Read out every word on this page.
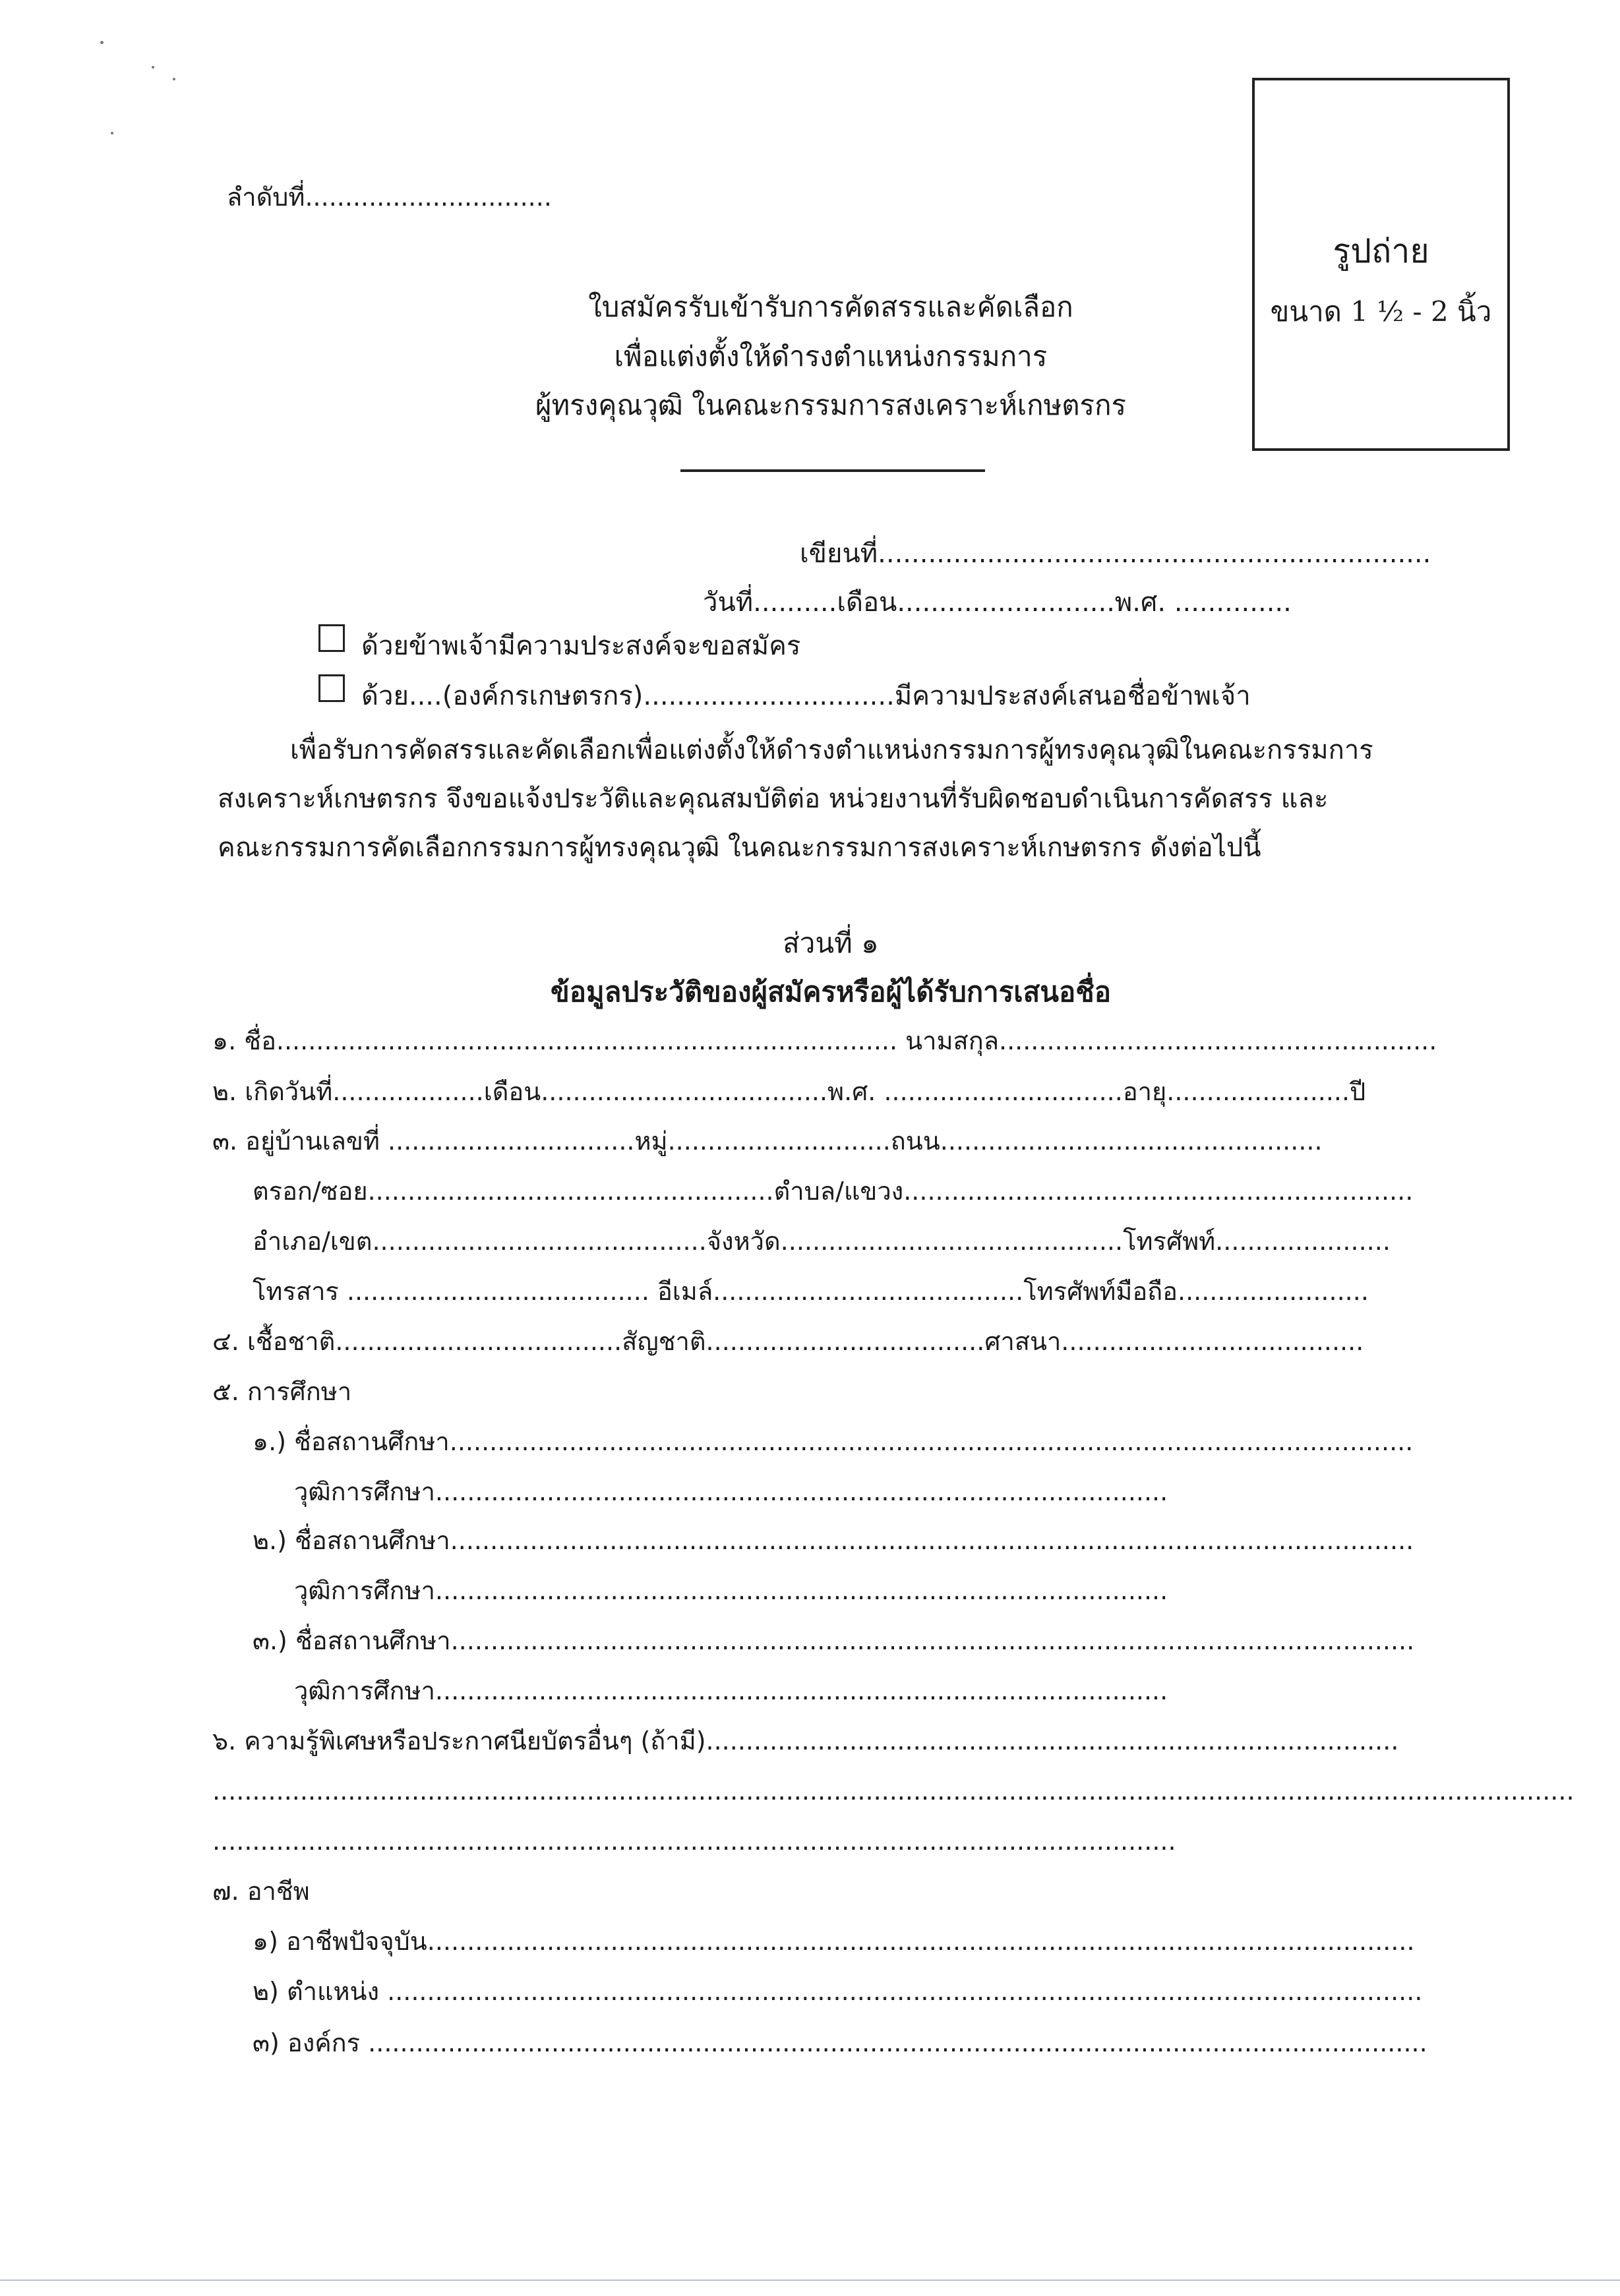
ลำดับที่...............................
รูปถ่าย
ขนาด 1 ½ - 2 นิ้ว
ใบสมัครรับเข้ารับการคัดสรรและคัดเลือก
เพื่อแต่งตั้งให้ดำรงตำแหน่งกรรมการ
ผู้ทรงคุณวุฒิ ในคณะกรรมการสงเคราะห์เกษตรกร
เขียนที่..................................................................
วันที่..........เดือน..........................พ.ศ. ..............
ด้วยข้าพเจ้ามีความประสงค์จะขอสมัคร
ด้วย....(องค์กรเกษตรกร)..............................มีความประสงค์เสนอชื่อข้าพเจ้า
เพื่อรับการคัดสรรและคัดเลือกเพื่อแต่งตั้งให้ดำรงตำแหน่งกรรมการผู้ทรงคุณวุฒิในคณะกรรมการ
สงเคราะห์เกษตรกร จึงขอแจ้งประวัติและคุณสมบัติต่อ หน่วยงานที่รับผิดชอบดำเนินการคัดสรร และ
คณะกรรมการคัดเลือกกรรมการผู้ทรงคุณวุฒิ ในคณะกรรมการสงเคราะห์เกษตรกร ดังต่อไปนี้
ส่วนที่ ๑
ข้อมูลประวัติของผู้สมัครหรือผู้ได้รับการเสนอชื่อ
๑. ชื่อ.............................................................................. นามสกุล.......................................................
๒. เกิดวันที่...................เดือน....................................พ.ศ. ..............................อายุ.......................ปี
๓. อยู่บ้านเลขที่ ...............................หมู่............................ถนน................................................
ตรอก/ซอย...................................................ตำบล/แขวง................................................................
อำเภอ/เขต..........................................จังหวัด...........................................โทรศัพท์......................
โทรสาร ...................................... อีเมล์.......................................โทรศัพท์มือถือ........................
๔. เชื้อชาติ....................................สัญชาติ...................................ศาสนา......................................
๕. การศึกษา
๑.) ชื่อสถานศึกษา.........................................................................................................................
วุฒิการศึกษา............................................................................................
๒.) ชื่อสถานศึกษา.........................................................................................................................
วุฒิการศึกษา............................................................................................
๓.) ชื่อสถานศึกษา.........................................................................................................................
วุฒิการศึกษา............................................................................................
๖. ความรู้พิเศษหรือประกาศนียบัตรอื่นๆ (ถ้ามี).......................................................................................
...........................................................................................................................................................................
.........................................................................................................................
๗. อาชีพ
๑) อาชีพปัจจุบัน............................................................................................................................
๒) ตำแหน่ง ..................................................................................................................................
๓) องค์กร .....................................................................................................................................
